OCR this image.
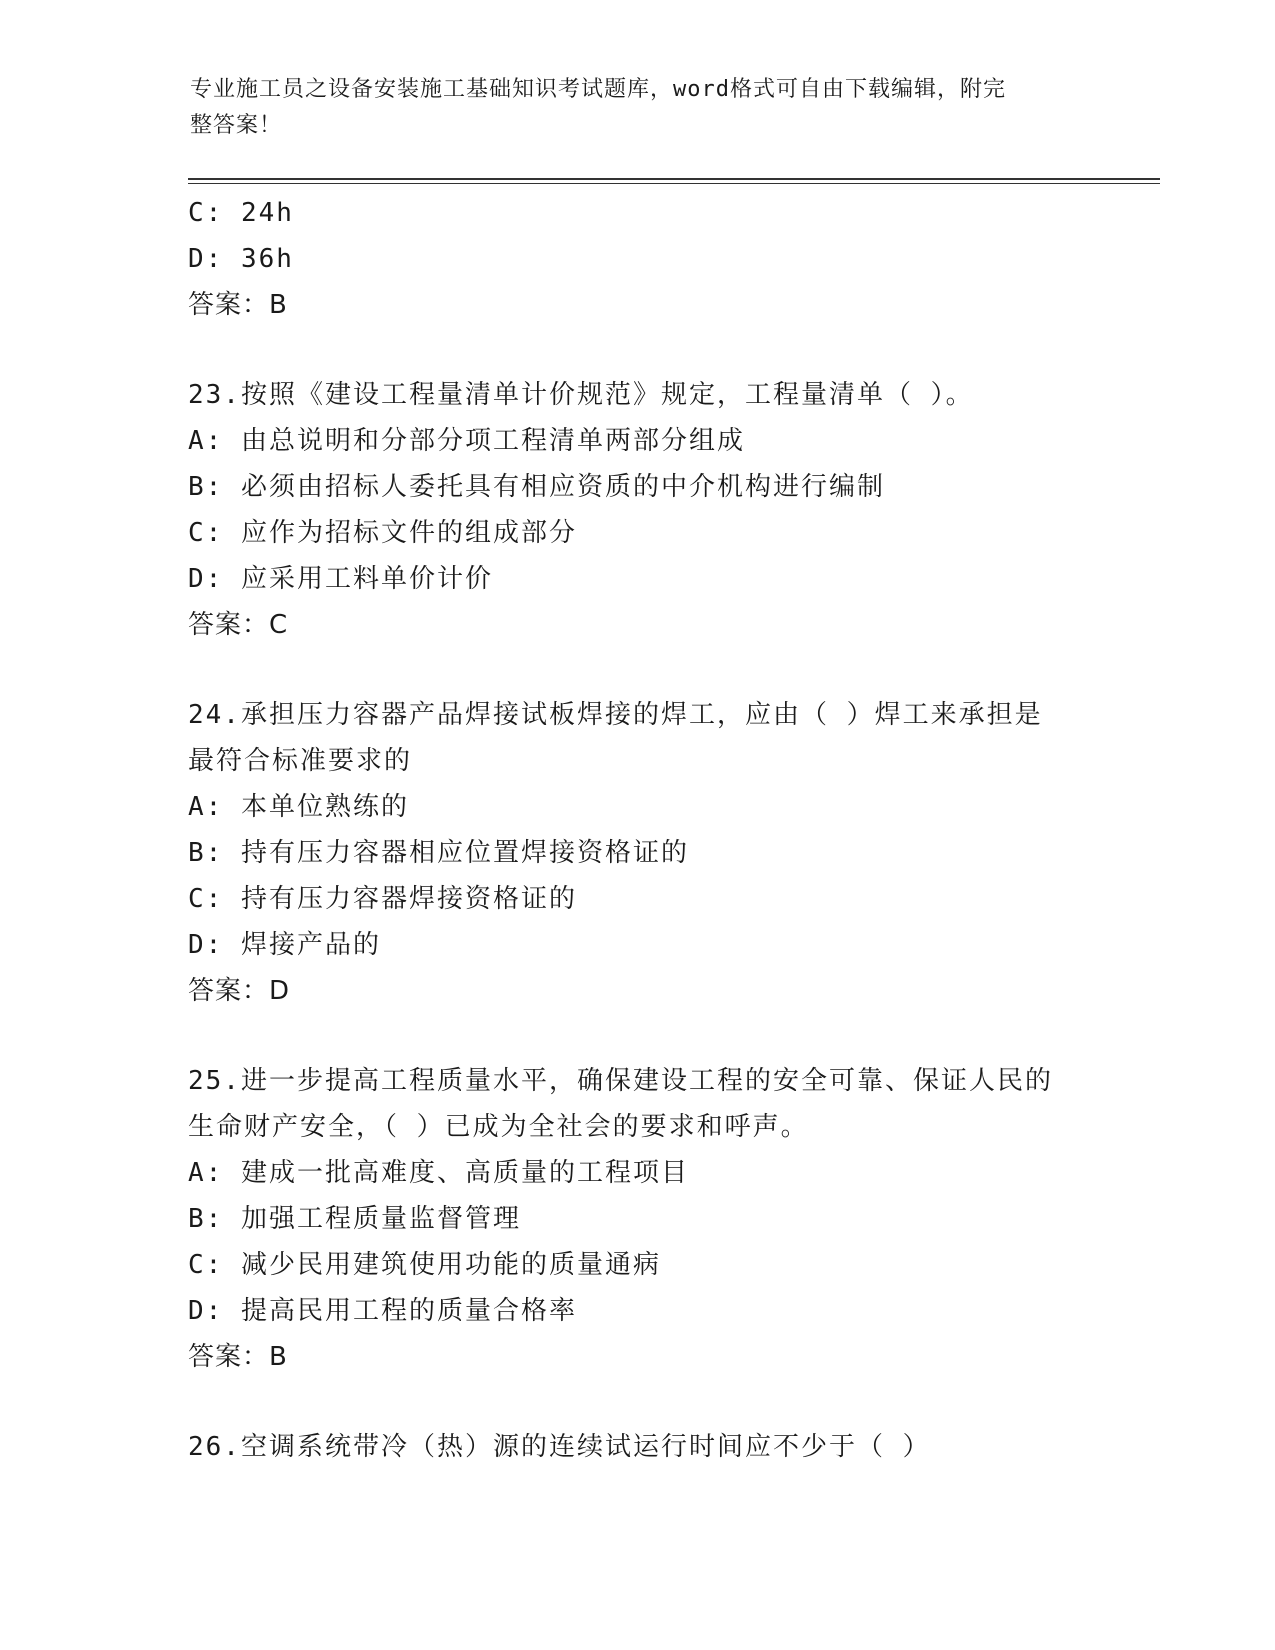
专业施工员之设备安装施工基础知识考试题库，word格式可自由下载编辑，附完
整答案！
C: 24h
D: 36h
答案：B
23.按照《建设工程量清单计价规范》规定，工程量清单（ ）。
A: 由总说明和分部分项工程清单两部分组成
B: 必须由招标人委托具有相应资质的中介机构进行编制
C: 应作为招标文件的组成部分
D: 应采用工料单价计价
答案：C
24.承担压力容器产品焊接试板焊接的焊工，应由（ ）焊工来承担是
最符合标准要求的
A: 本单位熟练的
B: 持有压力容器相应位置焊接资格证的
C: 持有压力容器焊接资格证的
D: 焊接产品的
答案：D
25.进一步提高工程质量水平，确保建设工程的安全可靠、保证人民的
生命财产安全，（ ）已成为全社会的要求和呼声。
A: 建成一批高难度、高质量的工程项目
B: 加强工程质量监督管理
C: 减少民用建筑使用功能的质量通病
D: 提高民用工程的质量合格率
答案：B
26.空调系统带冷（热）源的连续试运行时间应不少于（ ）
